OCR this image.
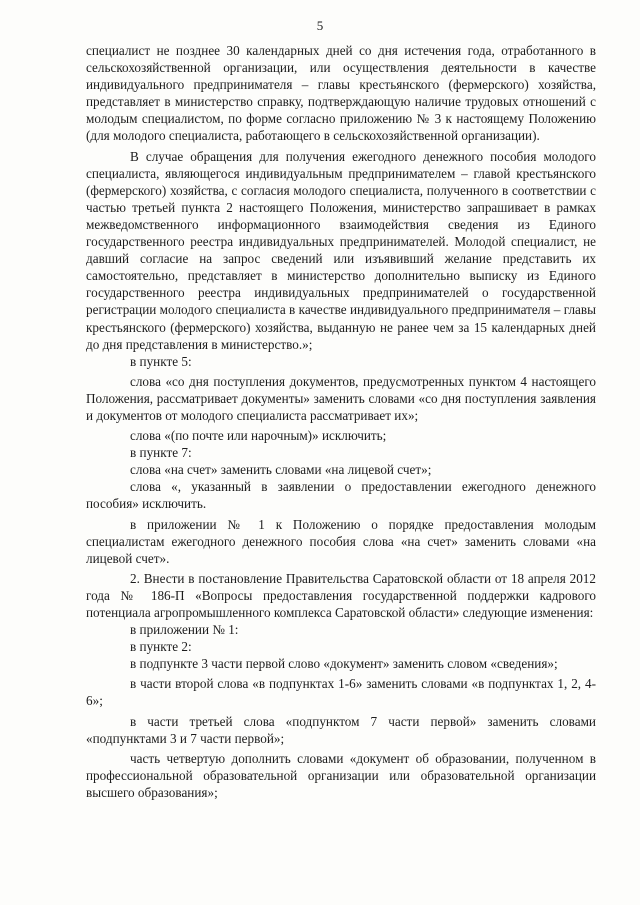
5

специалист не позднее 30 календарных дней со дня истечения года, отработанного в сельскохозяйственной организации, или осуществления деятельности в качестве индивидуального предпринимателя – главы крестьянского (фермерского) хозяйства, представляет в министерство справку, подтверждающую наличие трудовых отношений с молодым специалистом, по форме согласно приложению № 3 к настоящему Положению (для молодого специалиста, работающего в сельскохозяйственной организации).

В случае обращения для получения ежегодного денежного пособия молодого специалиста, являющегося индивидуальным предпринимателем – главой крестьянского (фермерского) хозяйства, с согласия молодого специалиста, полученного в соответствии с частью третьей пункта 2 настоящего Положения, министерство запрашивает в рамках межведомственного информационного взаимодействия сведения из Единого государственного реестра индивидуальных предпринимателей. Молодой специалист, не давший согласие на запрос сведений или изъявивший желание представить их самостоятельно, представляет в министерство дополнительно выписку из Единого государственного реестра индивидуальных предпринимателей о государственной регистрации молодого специалиста в качестве индивидуального предпринимателя – главы крестьянского (фермерского) хозяйства, выданную не ранее чем за 15 календарных дней до дня представления в министерство.»;

в пункте 5:

слова «со дня поступления документов, предусмотренных пунктом 4 настоящего Положения, рассматривает документы» заменить словами «со дня поступления заявления и документов от молодого специалиста рассматривает их»;

слова «(по почте или нарочным)» исключить;

в пункте 7:

слова «на счет» заменить словами «на лицевой счет»;

слова «, указанный в заявлении о предоставлении ежегодного денежного пособия» исключить.

в приложении № 1 к Положению о порядке предоставления молодым специалистам ежегодного денежного пособия слова «на счет» заменить словами «на лицевой счет».

2. Внести в постановление Правительства Саратовской области от 18 апреля 2012 года № 186-П «Вопросы предоставления государственной поддержки кадрового потенциала агропромышленного комплекса Саратовской области» следующие изменения:

в приложении № 1:

в пункте 2:

в подпункте 3 части первой слово «документ» заменить словом «сведения»;

в части второй слова «в подпунктах 1-6» заменить словами «в подпунктах 1, 2, 4-6»;

в части третьей слова «подпунктом 7 части первой» заменить словами «подпунктами 3 и 7 части первой»;

часть четвертую дополнить словами «документ об образовании, полученном в профессиональной образовательной организации или образовательной организации высшего образования»;
